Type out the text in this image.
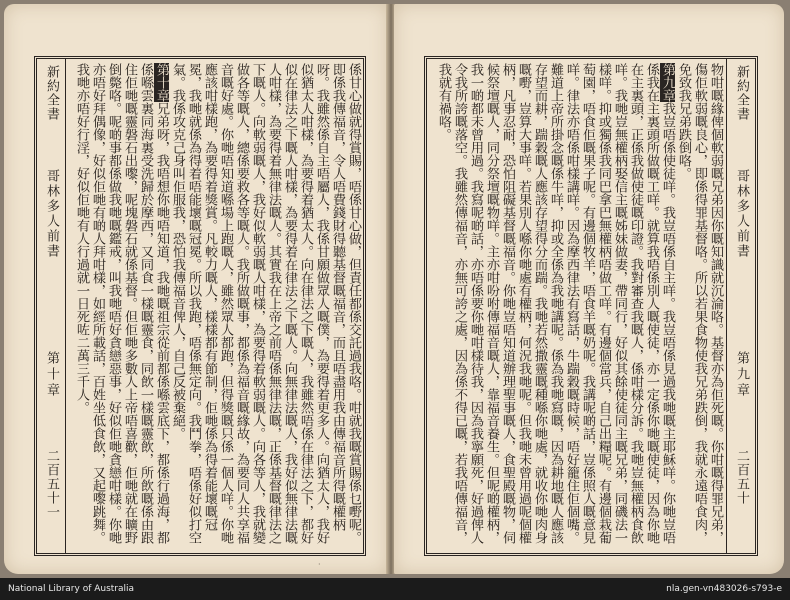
新約全書
哥林多人前書
第十章
二百五十一	係甘心做就得賞賜，唔係甘心做，但責任都係交託過我咯。咁就我嘅賞賜係乜嘢呢。即係我傳福音，令人唔費錢財得聽基督嘅福音，而且唔盡用我由傳福音所得嘅權柄呀。我雖然係自主唔屬人，我係甘願做眾人嘅僕，為要得着更多人。向猶太人，我好似猶太人咁樣，為要得着猶太人。向在律法之下嘅人，我雖然唔係在律法之下，都好似在律法之下嘅人咁樣，為要得着在律法之下嘅人。向無律法嘅人，我好似無律法嘅人咁樣，為要得着無律法嘅人。其實我在上帝之前唔係無律法嘅，正係基督嘅律法之下嘅人。向軟弱嘅人，我好似軟弱嘅人咁樣，為要得着軟弱嘅人。向各等人，我就變做各等嘅人，總係要救各等嘅人。我所做嘅事，都係為福音嘅緣故，為要同人共享福音嘅好處。你哋唔知道喺場上跑嘅人，雖然眾人都跑，但得獎嘅只係一個人咩。你哋應該咁樣跑，為要得着獎賞。凡較力嘅人，樣樣都有節制，佢哋係為得着能壞嘅冠冕，我哋就係為得着唔能壞嘅冠冕。所以我跑，唔係無定向。我鬥拳，唔係好似打空氣。我係攻克己身叫佢服我，恐怕我傳福音俾人，自己反被棄絕。
第十章兄弟呀，我唔想你哋唔知道，我哋嘅祖宗從前都係喺雲底下，都係行過海，都係喺雲裏同海裏受洗歸於摩西，又同食一樣嘅靈食，同飲一樣嘅靈飲，所飲嘅係由跟住佢哋嘅靈磐石出嚟，呢塊磐石就係基督。但佢哋多數人上帝唔喜歡，佢哋就在曠野倒斃咯。呢啲事都係做我哋嘅鑑戒，叫我哋唔好貪戀惡事，好似佢哋貪戀咁樣。你哋亦唔好拜偶像，好似佢哋有啲人拜咁樣，如經所載話，百姓坐低食飲，又起嚟跳舞。我哋亦唔好行淫，好似佢哋有人行過就一日死咗二萬三千人。
·
新約全書
哥林多人前書
第九章
二百五十
物咁嘅緣俾個軟弱嘅兄弟因你嘅知識就沉淪咯。基督亦為佢死嘅。你咁嘅得罪兄弟，傷佢軟弱嘅良心，即係得罪基督咯。所以若果食物使我兄弟跌倒，我就永遠唔食肉，免致我兄弟跌倒咯。
第九章我豈唔係使徒咩。我豈唔係自主咩。我豈唔係見過我哋嘅主耶穌咩。你哋豈唔係我在主裏頭所做嘅工咩。就算我唔係別人嘅使徒，亦一定係你哋嘅使徒，因為你哋在主裏頭，正係我做使徒嘅印證。我對審查我嘅人，係咁樣分訴。我哋豈無權柄食飲咩。我哋豈無權柄娶信主嘅姊妹做妻，帶同行，好似其餘使徒同主嘅兄弟，同磯法一樣咩。抑或獨係我同巴拿巴無權柄唔做工咩。有邊個當兵，自己出糧呢。有邊個栽葡萄園，唔食佢嘅果子呢。有邊個牧羊，唔食羊嘅奶呢。我講呢啲話，豈係照人嘅意見咩。律法亦唔係咁樣講咩。因為摩西律法有寫話，牛踹穀嘅時候，唔好籠住佢個嘴。難道上帝所掛念嘅係牛咩，抑或全係為我哋講呢。係為我哋寫嘅，因為耕地嘅人應該存望而耕，踹穀嘅人應該存望得分而踹。我哋若然撒靈嘅種喺你哋處，就收你哋肉身嘅嘢，豈算大事咩。若果別人喺你哋處有權柄，何況我哋呢。但我哋未曾用過呢個權柄，凡事忍耐，恐怕阻礙基督嘅福音。你哋豈唔知道辦理聖事嘅人，食聖殿嘅物，伺候祭壇嘅人，同分祭壇嘅物咩。主亦咁吩咐傳福音嘅人，靠福音養生。但呢啲權柄，我一啲都未曾用過。我寫呢啲話，亦唔係要你哋咁樣待我，因為我寧願死，好過俾人令我所誇嘅落空。我雖然傳福音，亦無可誇之處，因為係不得已嘅，若我唔傳福音，我就有禍咯。
National Library of Australia	nla.gen-vn483026-s793-e
